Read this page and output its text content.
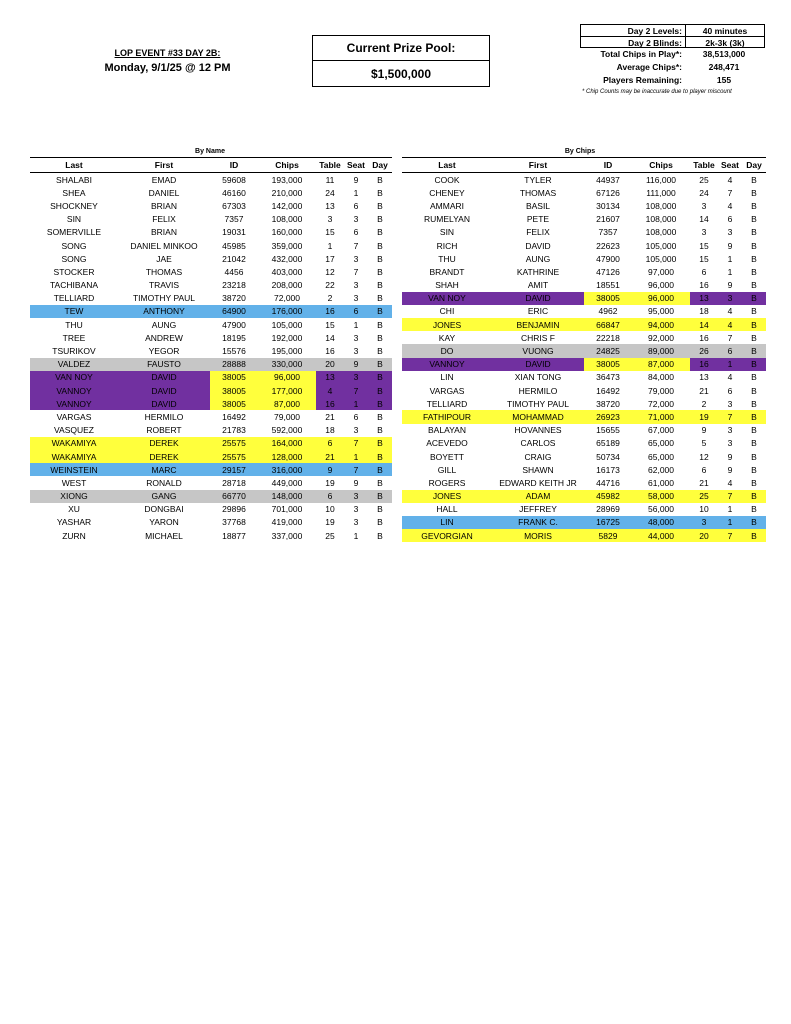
LOP EVENT #33 DAY 2B:
Monday, 9/1/25 @ 12 PM
Current Prize Pool:
$1,500,000
Day 2 Levels:	40 minutes
Day 2 Blinds:	2k-3k (3k)
Total Chips in Play*:	38,513,000
Average Chips*:	248,471
Players Remaining:	155
* Chip Counts may be inaccurate due to player miscount
By Name	By Chips
Last	First	ID	Chips	Table	Seat	Day
SHALABI	EMAD	59608	193,000	11	9	B
SHEA	DANIEL	46160	210,000	24	1	B
SHOCKNEY	BRIAN	67303	142,000	13	6	B
SIN	FELIX	7357	108,000	3	3	B
SOMERVILLE	BRIAN	19031	160,000	15	6	B
SONG	DANIEL MINKOO	45985	359,000	1	7	B
SONG	JAE	21042	432,000	17	3	B
STOCKER	THOMAS	4456	403,000	12	7	B
TACHIBANA	TRAVIS	23218	208,000	22	3	B
TELLIARD	TIMOTHY PAUL	38720	72,000	2	3	B
TEW	ANTHONY	64900	176,000	16	6	B
THU	AUNG	47900	105,000	15	1	B
TREE	ANDREW	18195	192,000	14	3	B
TSURIKOV	YEGOR	15576	195,000	16	3	B
VALDEZ	FAUSTO	28888	330,000	20	9	B
VAN NOY	DAVID	38005	96,000	13	3	B
VANNOY	DAVID	38005	177,000	4	7	B
VANNOY	DAVID	38005	87,000	16	1	B
VARGAS	HERMILO	16492	79,000	21	6	B
VASQUEZ	ROBERT	21783	592,000	18	3	B
WAKAMIYA	DEREK	25575	164,000	6	7	B
WAKAMIYA	DEREK	25575	128,000	21	1	B
WEINSTEIN	MARC	29157	316,000	9	7	B
WEST	RONALD	28718	449,000	19	9	B
XIONG	GANG	66770	148,000	6	3	B
XU	DONGBAI	29896	701,000	10	3	B
YASHAR	YARON	37768	419,000	19	3	B
ZURN	MICHAEL	18877	337,000	25	1	B
Last	First	ID	Chips	Table	Seat	Day
COOK	TYLER	44937	116,000	25	4	B
CHENEY	THOMAS	67126	111,000	24	7	B
AMMARI	BASIL	30134	108,000	3	4	B
RUMELYAN	PETE	21607	108,000	14	6	B
SIN	FELIX	7357	108,000	3	3	B
RICH	DAVID	22623	105,000	15	9	B
THU	AUNG	47900	105,000	15	1	B
BRANDT	KATHRINE	47126	97,000	6	1	B
SHAH	AMIT	18551	96,000	16	9	B
VAN NOY	DAVID	38005	96,000	13	3	B
CHI	ERIC	4962	95,000	18	4	B
JONES	BENJAMIN	66847	94,000	14	4	B
KAY	CHRIS F	22218	92,000	16	7	B
DO	VUONG	24825	89,000	26	6	B
VANNOY	DAVID	38005	87,000	16	1	B
LIN	XIAN TONG	36473	84,000	13	4	B
VARGAS	HERMILO	16492	79,000	21	6	B
TELLIARD	TIMOTHY PAUL	38720	72,000	2	3	B
FATHIPOUR	MOHAMMAD	26923	71,000	19	7	B
BALAYAN	HOVANNES	15655	67,000	9	3	B
ACEVEDO	CARLOS	65189	65,000	5	3	B
BOYETT	CRAIG	50734	65,000	12	9	B
GILL	SHAWN	16173	62,000	6	9	B
ROGERS	EDWARD KEITH JR	44716	61,000	21	4	B
JONES	ADAM	45982	58,000	25	7	B
HALL	JEFFREY	28969	56,000	10	1	B
LIN	FRANK C.	16725	48,000	3	1	B
GEVORGIAN	MORIS	5829	44,000	20	7	B
